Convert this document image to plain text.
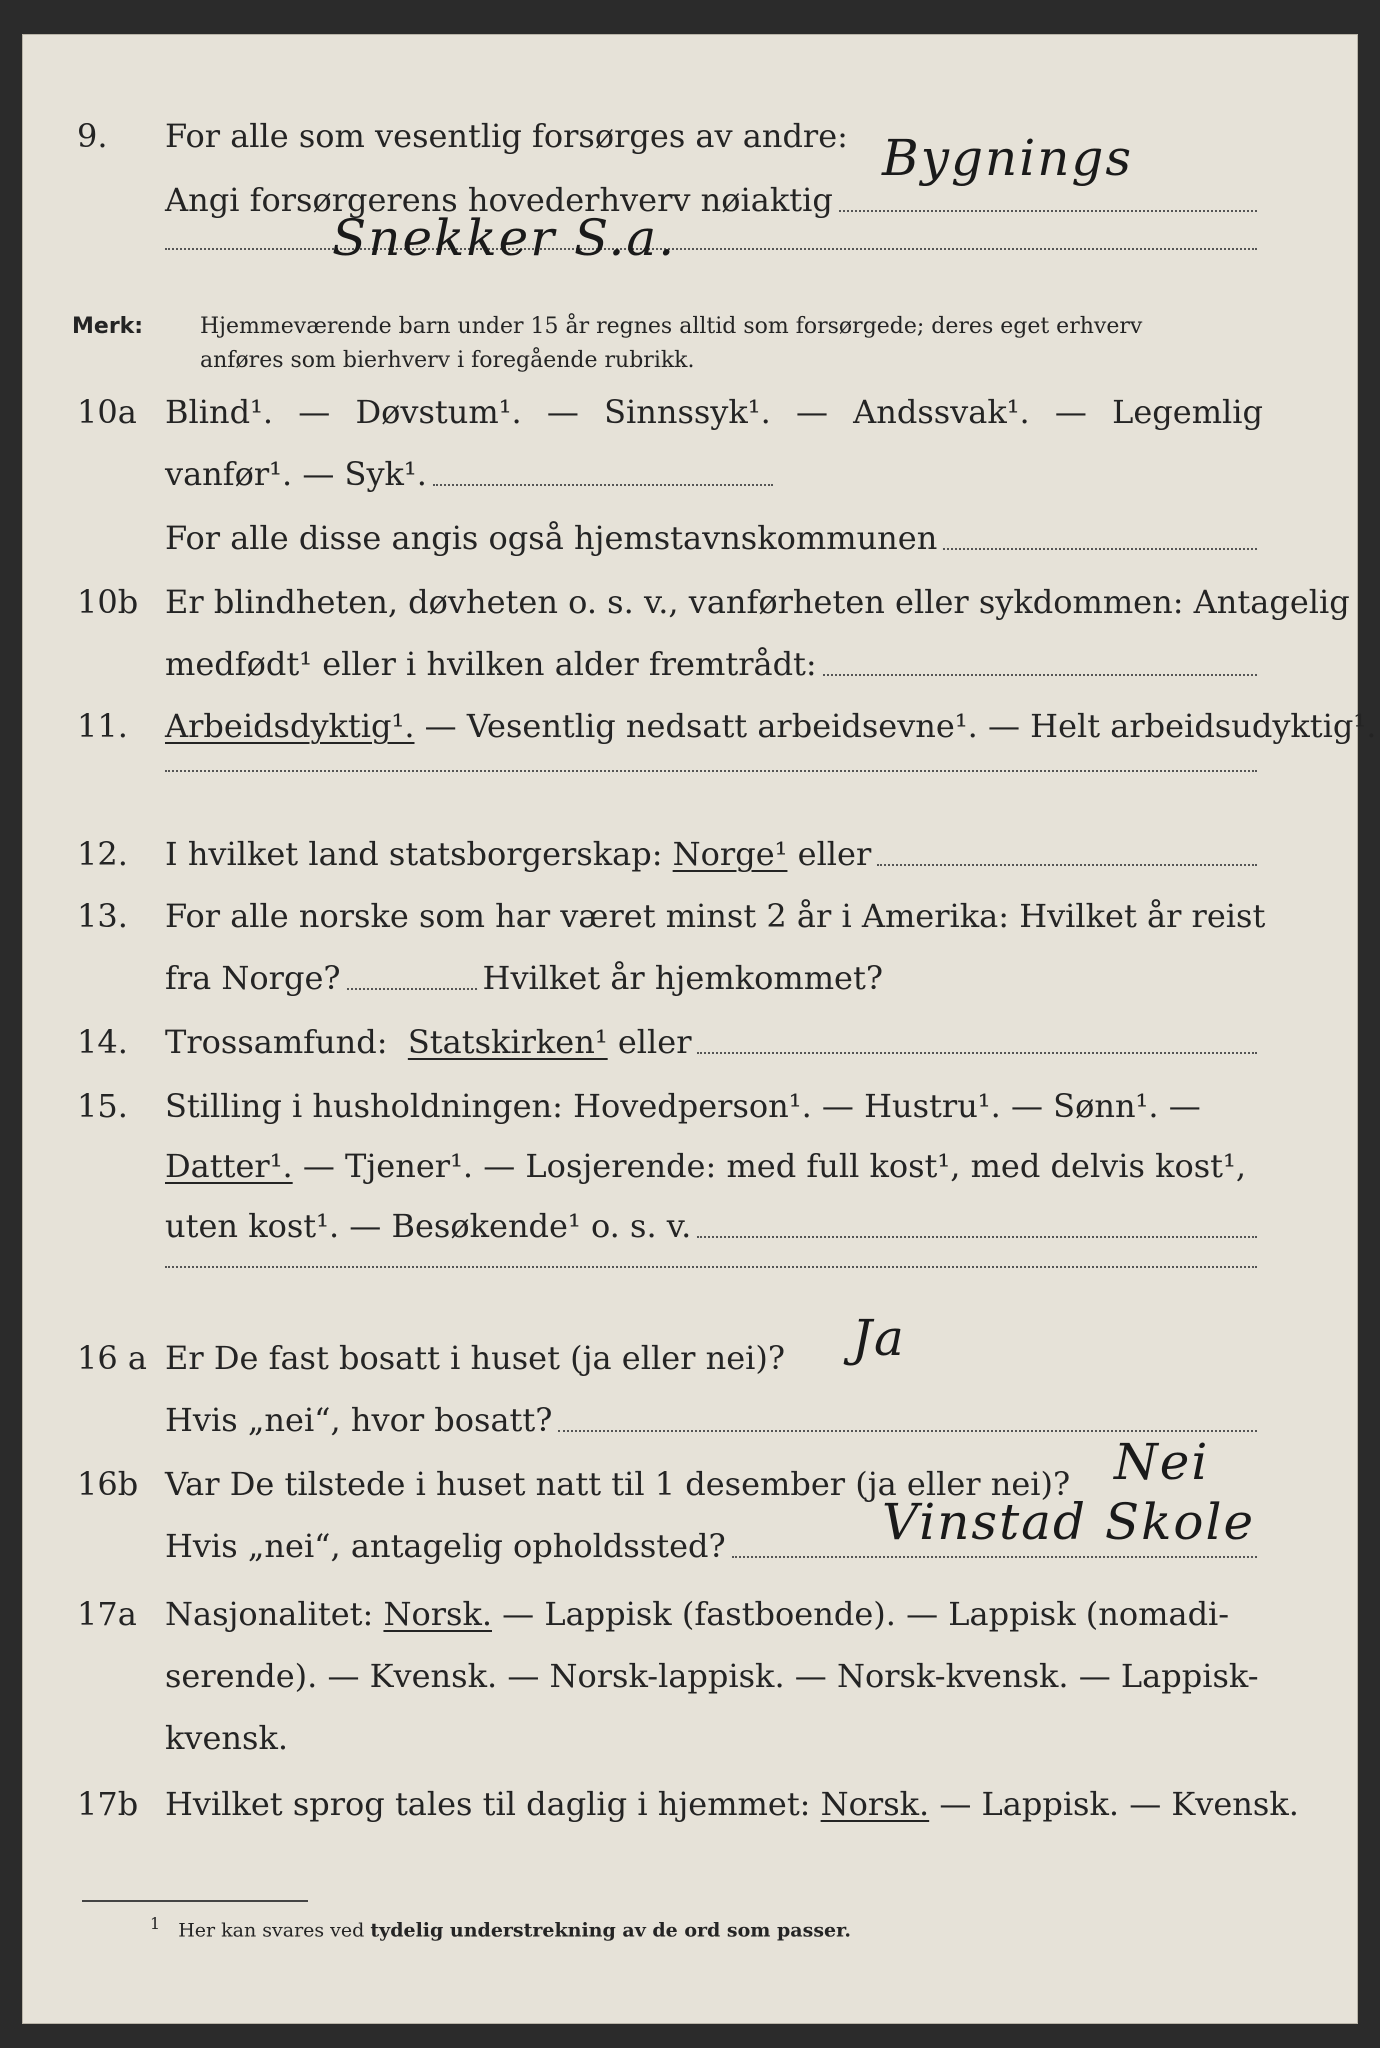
9. For alle som vesentlig forsørges av andre:
Angi forsørgerens hovederhverv nøiaktig
Bygnings
Snekker S.a.
Merk:	Hjemmeværende barn under 15 år regnes alltid som forsørgede; deres eget erhverv
anføres som bierhverv i foregående rubrikk.
10a Blind¹. — Døvstum¹. — Sinnssyk¹. — Andssvak¹. — Legemlig
vanfør¹. — Syk¹.
For alle disse angis også hjemstavnskommunen
10b Er blindheten, døvheten o. s. v., vanførheten eller sykdommen: Antagelig
medfødt¹ eller i hvilken alder fremtrådt:
11. Arbeidsdyktig¹. — Vesentlig nedsatt arbeidsevne¹. — Helt arbeidsudyktig¹.
12. I hvilket land statsborgerskap:
Norge¹
eller
13. For alle norske som har været minst 2 år i Amerika: Hvilket år reist
fra Norge?	Hvilket år hjemkommet?
14. Trossamfund:
Statskirken¹
eller
15. Stilling i husholdningen: Hovedperson¹. — Hustru¹. — Sønn¹. —
Datter¹. — Tjener¹. — Losjerende: med full kost¹, med delvis kost¹,
uten kost¹. — Besøkende¹ o. s. v.
16 a Er De fast bosatt i huset (ja eller nei)? Ja
Hvis „nei“, hvor bosatt?
16b Var De tilstede i huset natt til 1 desember (ja eller nei)? Nei
Hvis „nei“, antagelig opholdssted?	Vinstad Skole
17a Nasjonalitet:
Norsk. — Lappisk (fastboende). — Lappisk (nomadi-
serende). — Kvensk. — Norsk-lappisk. — Norsk-kvensk. — Lappisk-
kvensk.
17b Hvilket sprog tales til daglig i hjemmet:
Norsk. — Lappisk. — Kvensk.
$^1$ Her kan svares ved tydelig understrekning av de ord som passer.
